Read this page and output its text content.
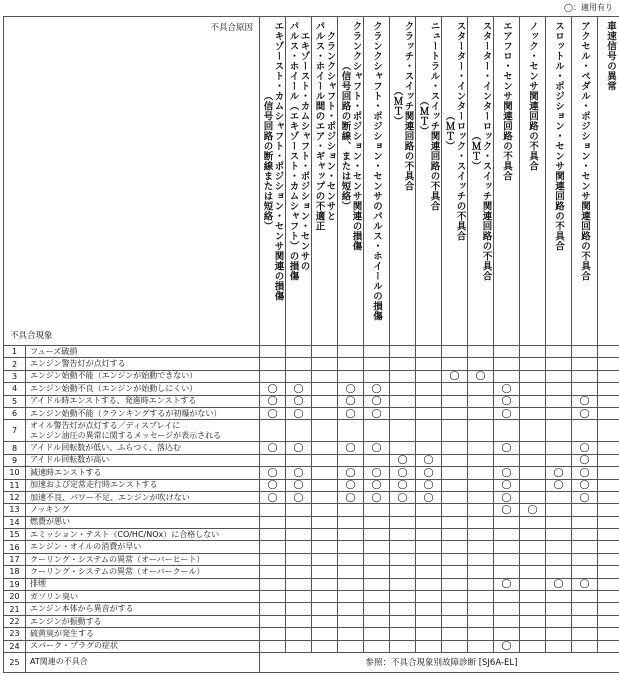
◯：適用有り
不具合原因
不具合現象		エキゾースト・カムシャフト・ポジション・センサ関連の損傷
（信号回路の断線または短絡）	エキゾースト・カムシャフト・ポジション・センサの
パルス・ホイール（エキゾースト・カムシャフト）の損傷	クランクシャフト・ポジション・センサと
パルス・ホイール間のエア・ギャップの不適正	クランクシャフト・ポジション・センサ関連の損傷
（信号回路の断線、または短絡）	クランクシャフト・ポジション・センサのパルス・ホイールの損傷	クラッチ・スイッチ関連回路の不具合
（ＭＴ）	ニュートラル・スイッチ関連回路の不具合
（ＭＴ）	スターター・インターロック・スイッチの不具合
（ＭＴ）	スターター・インターロック・スイッチ関連回路の不具合
（ＭＴ）	エアフロ・センサ関連回路の不具合	ノック・センサ関連回路の不具合	スロットル・ポジション・センサ関連回路の不具合	アクセル・ペダル・ポジション・センサ関連回路の不具合	車速信号の異常

1	フューズ破損														
2	エンジン警告灯が点灯する														
3	エンジン始動不能（エンジンが始動できない）								◯	◯					
4	エンジン始動不良（エンジンが始動しにくい）	◯	◯		◯	◯					◯				
5	アイドル時エンストする、発進時エンストする	◯	◯		◯	◯					◯			◯	
6	エンジン始動不能（クランキングするが初爆がない）	◯	◯		◯	◯					◯			◯	
7	オイル警告灯が点灯する／ディスプレイに
エンジン油圧の異常に関するメッセージが表示される														
8	アイドル回転数が低い、ふらつく、落込む	◯	◯		◯	◯					◯			◯	
9	アイドル回転数が高い						◯	◯						◯	
10	減速時エンストする	◯	◯		◯	◯	◯	◯			◯		◯	◯	
11	加速および定常走行時エンストする	◯	◯		◯	◯	◯	◯			◯		◯	◯	
12	加速不良、パワー不足、エンジンが吹けない	◯	◯		◯	◯	◯	◯			◯			◯	
13	ノッキング										◯	◯			
14	燃費が悪い														
15	エミッション・テスト（CO/HC/NOx）に合格しない														
16	エンジン・オイルの消費が早い														
17	クーリング・システムの異常（オーバーヒート）														
18	クーリング・システムの異常（オーバークール）														
19	排煙										◯		◯	◯	
20	ガソリン臭い														
21	エンジン本体から異音がする														
22	エンジンが振動する														
23	硫黄臭が発生する														
24	スパーク・プラグの症状										◯				
25	AT関連の不具合	参照：不具合現象別故障診断 [SJ6A-EL]													
